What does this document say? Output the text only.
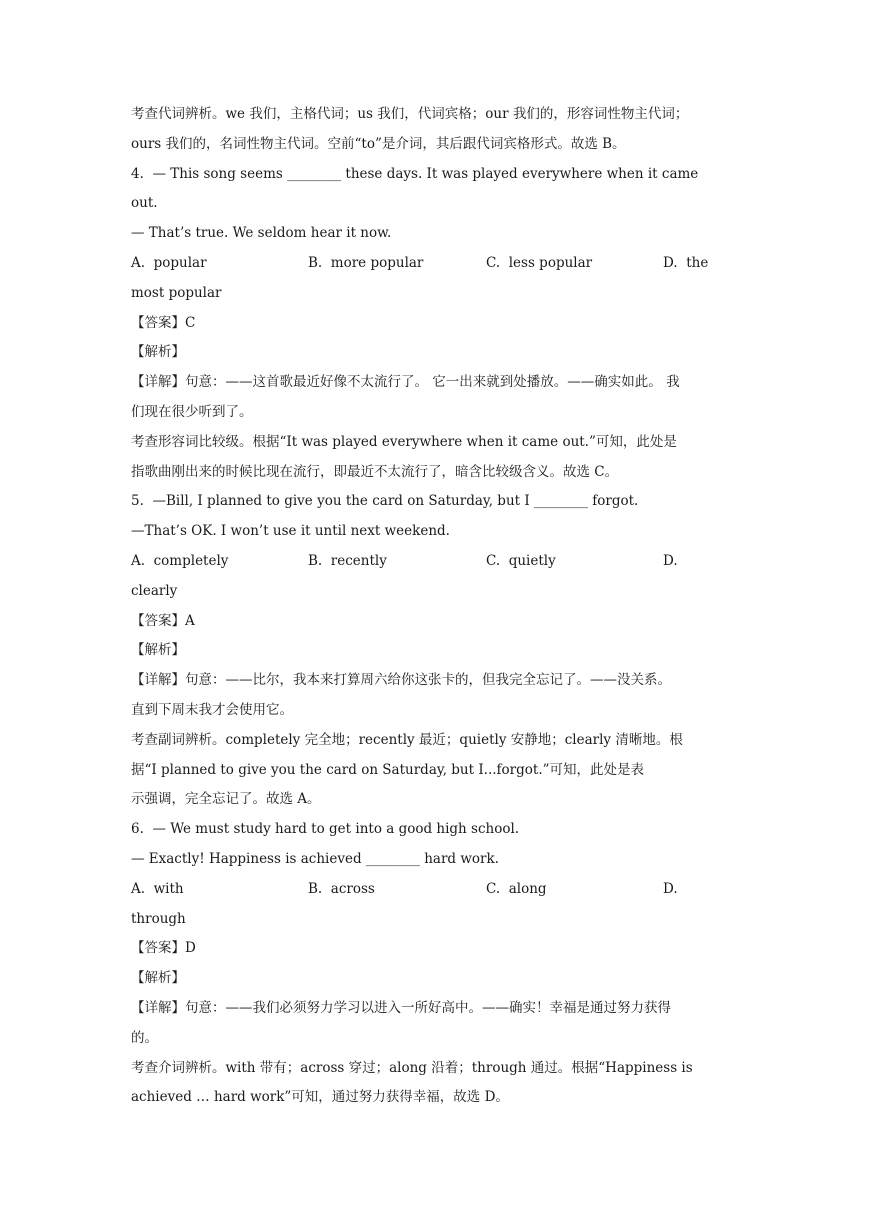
考查代词辨析。we 我们，主格代词；us 我们，代词宾格；our 我们的，形容词性物主代词；
ours 我们的，名词性物主代词。空前“to”是介词，其后跟代词宾格形式。故选 B。
4.  — This song seems ________ these days. It was played everywhere when it came
out.
— That’s true. We seldom hear it now.
A.  popular	B.  more popular	C.  less popular	D.  the
most popular
【答案】C
【解析】
【详解】句意：——这首歌最近好像不太流行了。 它一出来就到处播放。——确实如此。 我
们现在很少听到了。
考查形容词比较级。根据“It was played everywhere when it came out.”可知，此处是
指歌曲刚出来的时候比现在流行，即最近不太流行了，暗含比较级含义。故选 C。
5.  —Bill, I planned to give you the card on Saturday, but I ________ forgot.
—That’s OK. I won’t use it until next weekend.
A.  completely	B.  recently	C.  quietly	D.
clearly
【答案】A
【解析】
【详解】句意：——比尔，我本来打算周六给你这张卡的，但我完全忘记了。——没关系。
直到下周末我才会使用它。
考查副词辨析。completely 完全地；recently 最近；quietly 安静地；clearly 清晰地。根
据“I planned to give you the card on Saturday, but I...forgot.”可知，此处是表
示强调，完全忘记了。故选 A。
6.  — We must study hard to get into a good high school.
— Exactly! Happiness is achieved ________ hard work.
A.  with	B.  across	C.  along	D.
through
【答案】D
【解析】
【详解】句意：——我们必须努力学习以进入一所好高中。——确实！幸福是通过努力获得
的。
考查介词辨析。with 带有；across 穿过；along 沿着；through 通过。根据“Happiness is
achieved … hard work”可知，通过努力获得幸福，故选 D。
